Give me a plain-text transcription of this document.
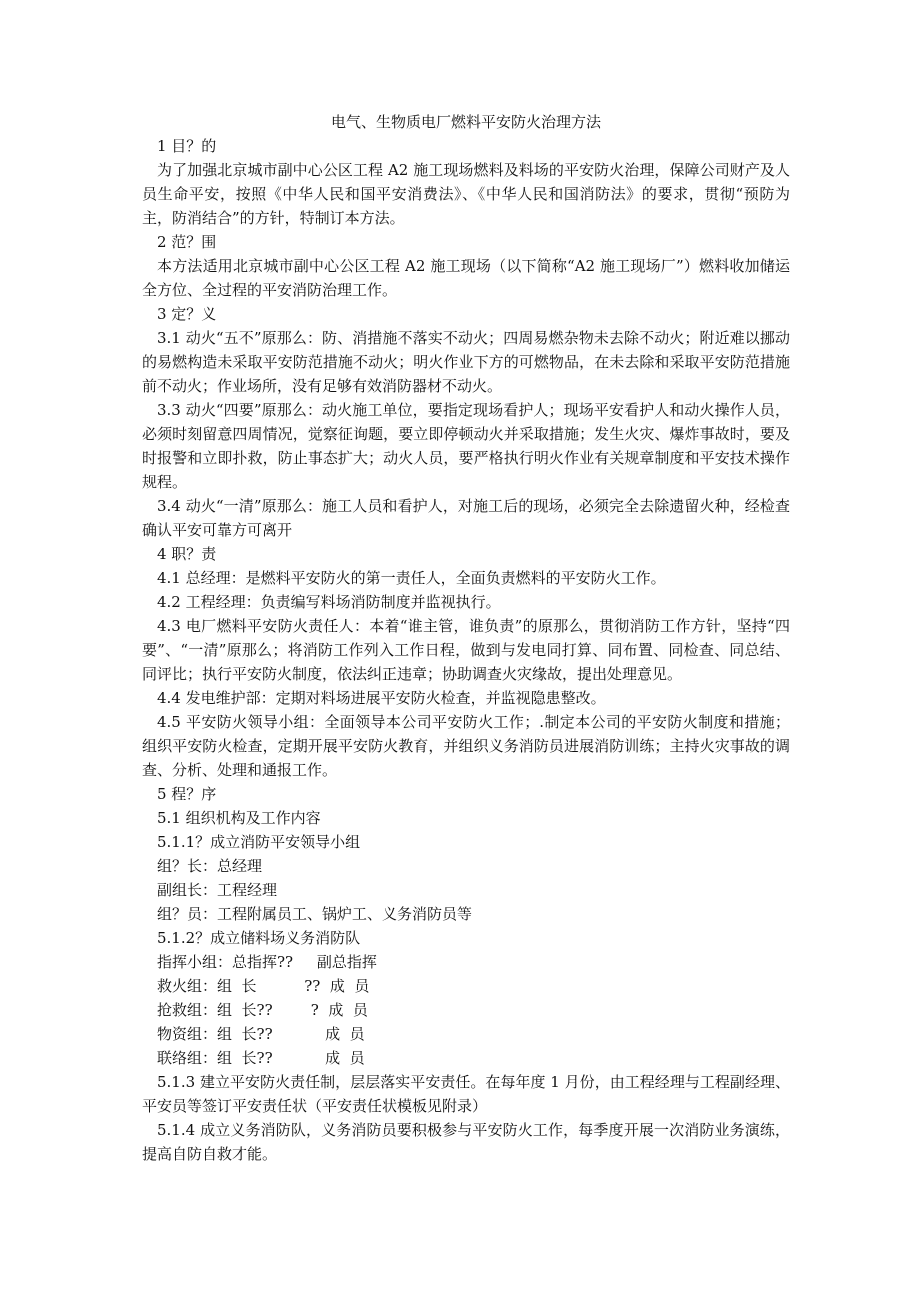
电气、生物质电厂燃料平安防火治理方法

1 目？的

为了加强北京城市副中心公区工程 A2 施工现场燃料及料场的平安防火治理，保障公司财产及人员生命平安，按照《中华人民和国平安消费法》、《中华人民和国消防法》的要求，贯彻“预防为主，防消结合”的方针，特制订本方法。

2 范？围

本方法适用北京城市副中心公区工程 A2 施工现场（以下简称“A2 施工现场厂”）燃料收加储运全方位、全过程的平安消防治理工作。

3 定？义

3.1 动火“五不”原那么：防、消措施不落实不动火；四周易燃杂物未去除不动火；附近难以挪动的易燃构造未采取平安防范措施不动火；明火作业下方的可燃物品，在未去除和采取平安防范措施前不动火；作业场所，没有足够有效消防器材不动火。

3.3 动火“四要”原那么：动火施工单位，要指定现场看护人；现场平安看护人和动火操作人员，必须时刻留意四周情况，觉察征询题，要立即停顿动火并采取措施；发生火灾、爆炸事故时，要及时报警和立即扑救，防止事态扩大；动火人员，要严格执行明火作业有关规章制度和平安技术操作规程。

3.4 动火“一清”原那么：施工人员和看护人，对施工后的现场，必须完全去除遗留火种，经检查确认平安可靠方可离开

4 职？责

4.1 总经理：是燃料平安防火的第一责任人，全面负责燃料的平安防火工作。

4.2 工程经理：负责编写料场消防制度并监视执行。

4.3 电厂燃料平安防火责任人：本着“谁主管，谁负责”的原那么，贯彻消防工作方针，坚持“四要”、“一清”原那么；将消防工作列入工作日程，做到与发电同打算、同布置、同检查、同总结、同评比；执行平安防火制度，依法纠正违章；协助调查火灾缘故，提出处理意见。

4.4 发电维护部：定期对料场进展平安防火检查，并监视隐患整改。

4.5 平安防火领导小组：全面领导本公司平安防火工作；.制定本公司的平安防火制度和措施；组织平安防火检查，定期开展平安防火教育，并组织义务消防员进展消防训练；主持火灾事故的调查、分析、处理和通报工作。

5 程？序

5.1 组织机构及工作内容

5.1.1？成立消防平安领导小组

组？长：总经理

副组长：工程经理

组？员：工程附属员工、锅炉工、义务消防员等

5.1.2？成立储料场义务消防队

指挥小组：总指挥??     副总指挥

救火组：组  长          ??  成  员

抢救组：组  长??        ?  成  员

物资组：组  长??           成  员

联络组：组  长??           成  员

5.1.3 建立平安防火责任制，层层落实平安责任。在每年度 1 月份，由工程经理与工程副经理、平安员等签订平安责任状（平安责任状模板见附录）

5.1.4 成立义务消防队，义务消防员要积极参与平安防火工作，每季度开展一次消防业务演练，提高自防自救才能。
